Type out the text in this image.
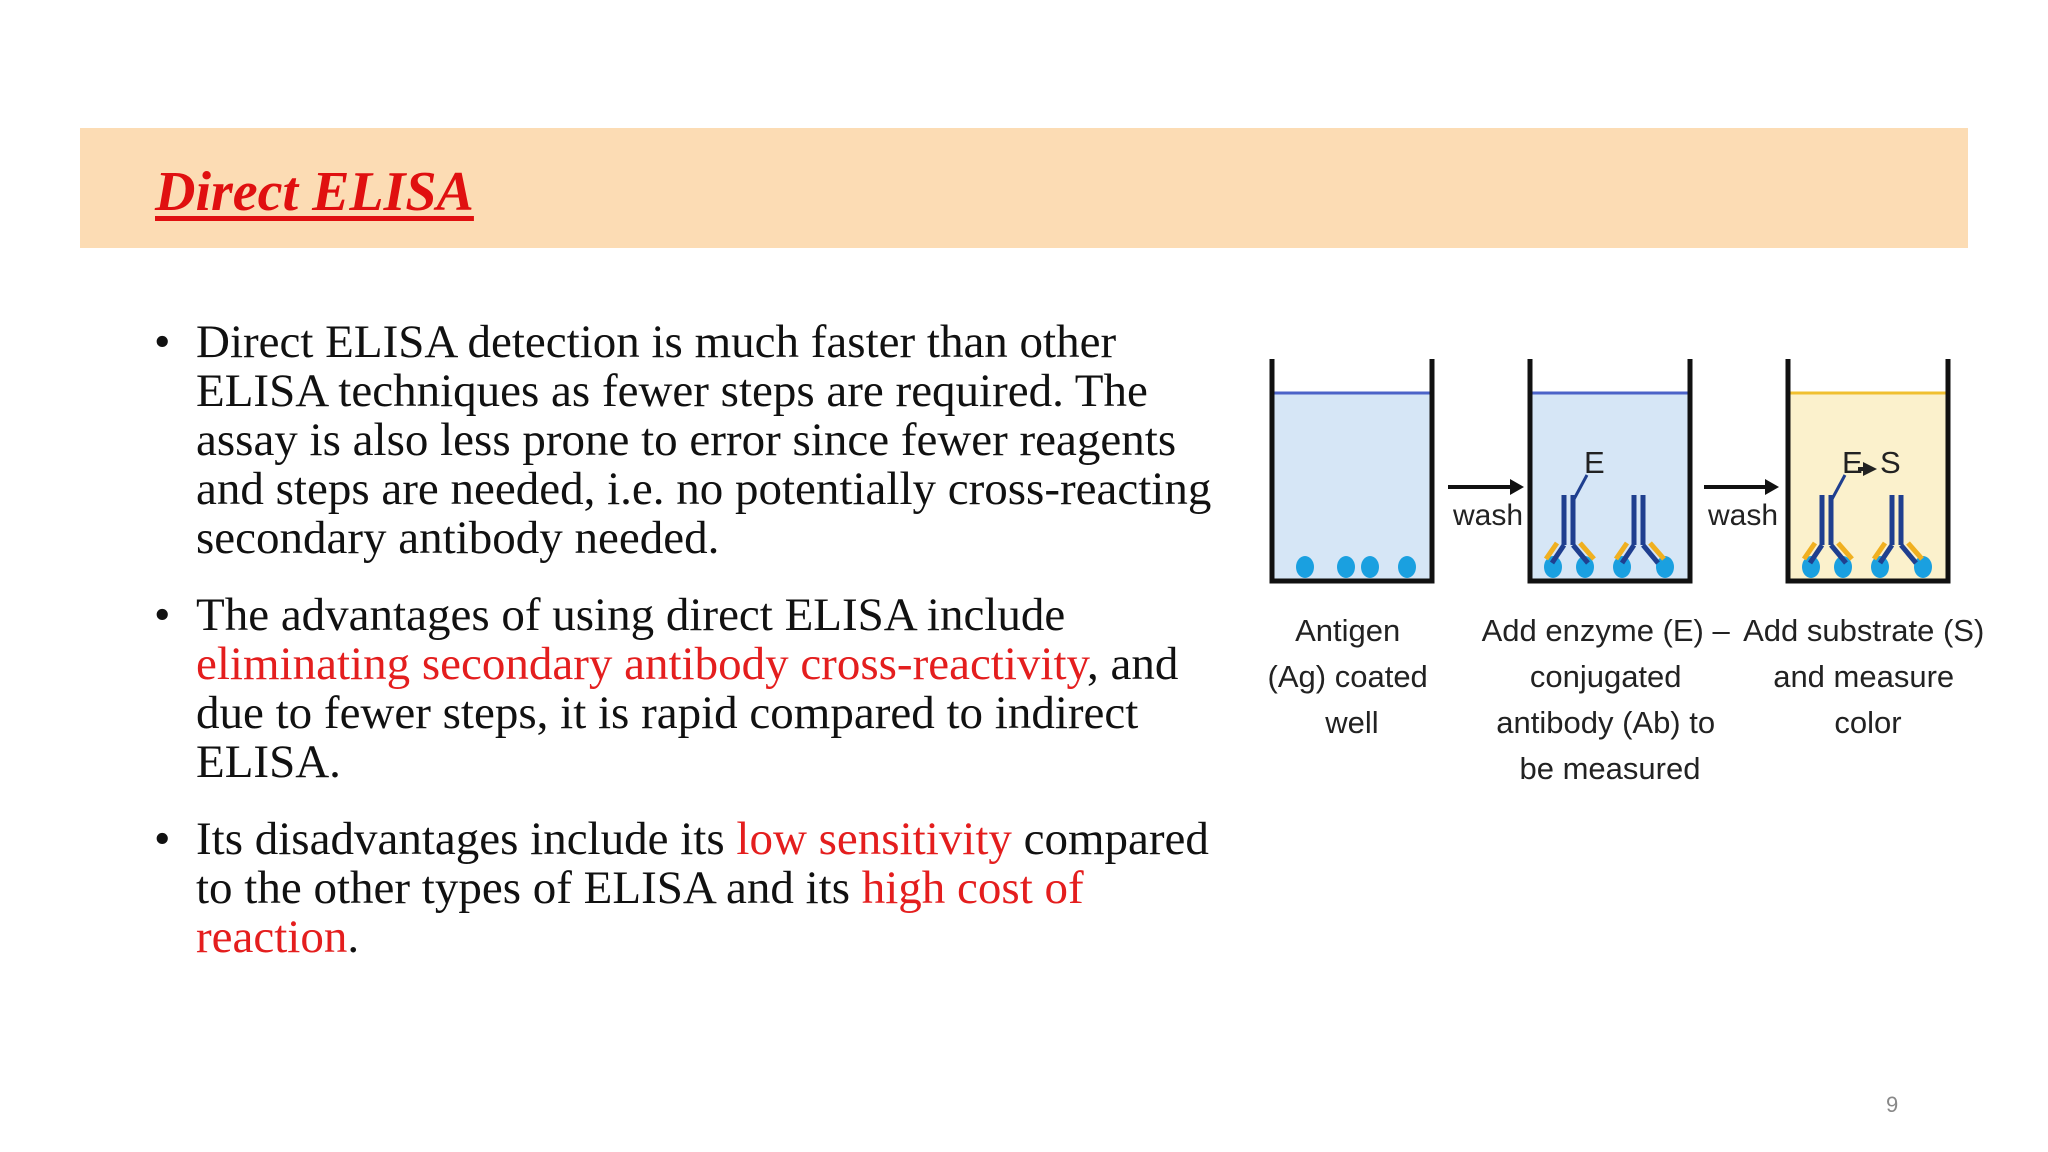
Direct ELISA
• Direct ELISA detection is much faster than other ELISA techniques as fewer steps are required. The assay is also less prone to error since fewer reagents and steps are needed, i.e. no potentially cross-reacting secondary antibody needed.
• The advantages of using direct ELISA include eliminating secondary antibody cross-reactivity, and due to fewer steps, it is rapid compared to indirect ELISA.
• Its disadvantages include its low sensitivity compared to the other types of ELISA and its high cost of reaction.
wash
E
wash
E S
Antigen (Ag) coated well
Add enzyme (E) – conjugated antibody (Ab) to be measured
Add substrate (S) and measure color
9
